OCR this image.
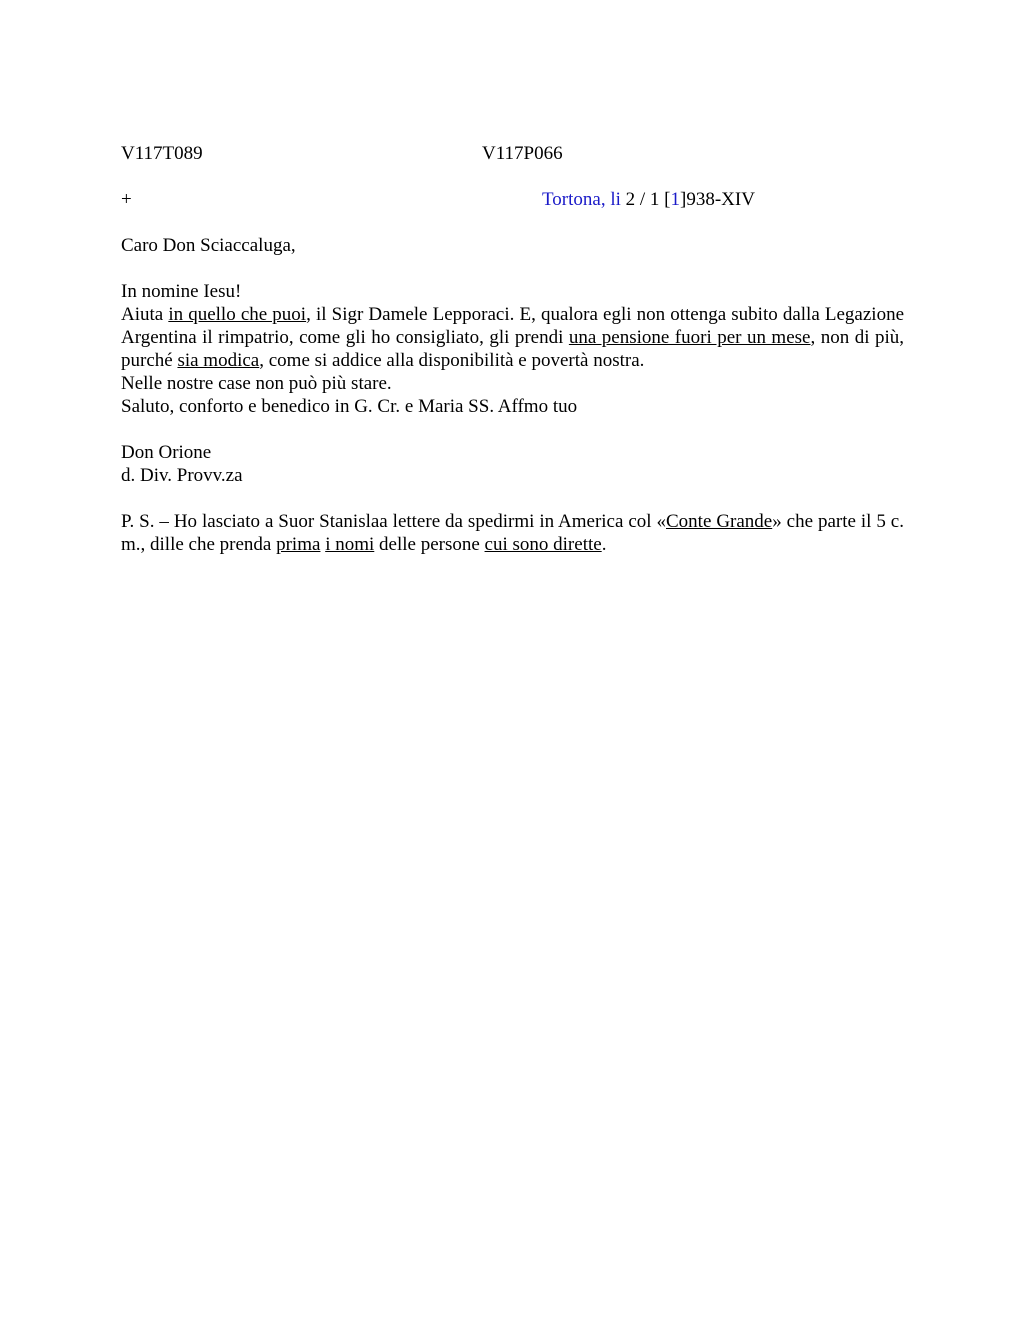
V117T089	V117P066
+	Tortona, li 2 / 1 [1]938-XIV
Caro Don Sciaccaluga,
In nomine Iesu!
Aiuta in quello che puoi, il Sigr Damele Lepporaci. E, qualora egli non ottenga subito dalla Legazione Argentina il rimpatrio, come gli ho consigliato, gli prendi una pensione fuori per un mese, non di più, purché sia modica, come si addice alla disponibilità e povertà nostra.
Nelle nostre case non può più stare.
Saluto, conforto e benedico in G. Cr. e Maria SS. Affmo tuo
Don Orione
d. Div. Provv.za
P. S. – Ho lasciato a Suor Stanislaa lettere da spedirmi in America col «Conte Grande» che parte il 5 c. m., dille che prenda prima i nomi delle persone cui sono dirette.
